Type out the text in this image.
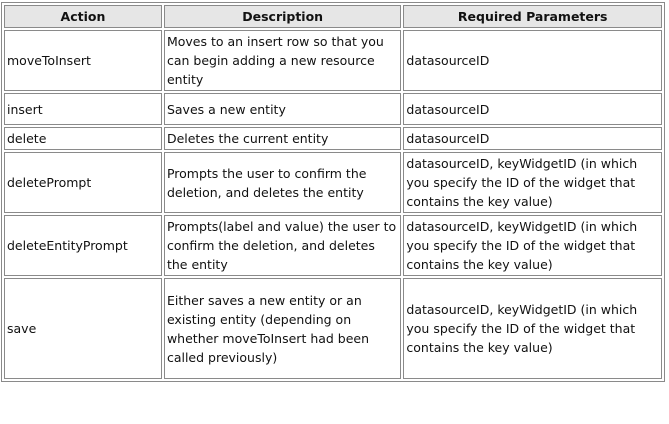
Action	Description	Required Parameters
moveToInsert	Moves to an insert row so that you can begin adding a new resource entity	datasourceID
insert	Saves a new entity	datasourceID
delete	Deletes the current entity	datasourceID
deletePrompt	Prompts the user to confirm the deletion, and deletes the entity	datasourceID, keyWidgetID (in which you specify the ID of the widget that contains the key value)
deleteEntityPrompt	Prompts(label and value) the user to confirm the deletion, and deletes the entity	datasourceID, keyWidgetID (in which you specify the ID of the widget that contains the key value)
save	Either saves a new entity or an existing entity (depending on whether moveToInsert had been called previously)	datasourceID, keyWidgetID (in which you specify the ID of the widget that contains the key value)
